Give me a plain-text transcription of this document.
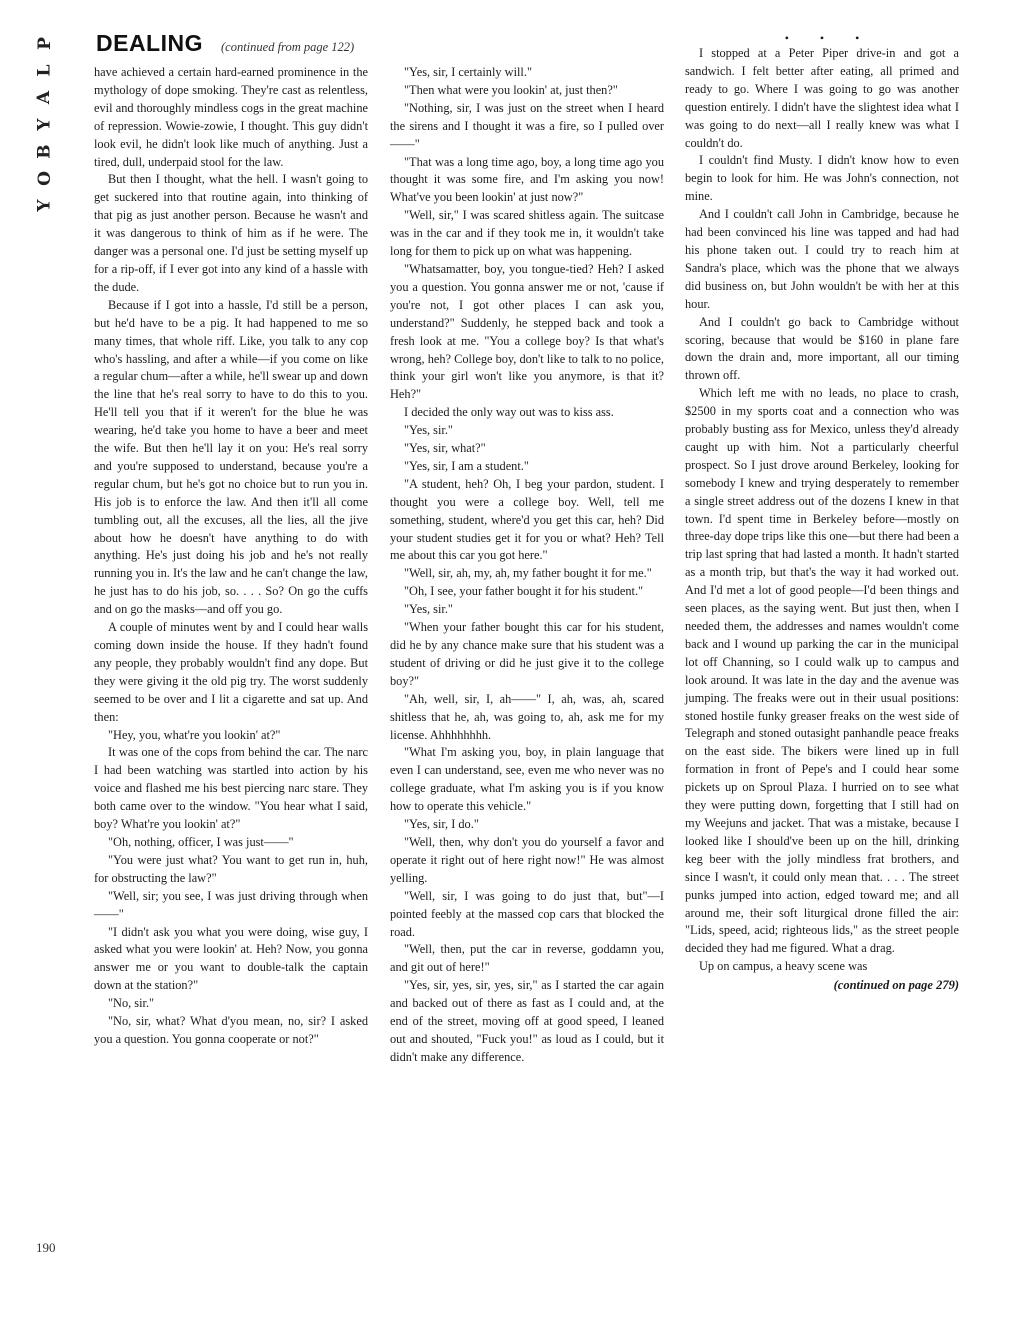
P
L
A
Y
B
O
Y
190
DEALING (continued from page 122)

have achieved a certain hard-earned prominence in the mythology of dope smoking. They're cast as relentless, evil and thoroughly mindless cogs in the great machine of repression. Wowie-zowie, I thought. This guy didn't look evil, he didn't look like much of anything. Just a tired, dull, underpaid stool for the law.

But then I thought, what the hell. I wasn't going to get suckered into that routine again, into thinking of that pig as just another person. Because he wasn't and it was dangerous to think of him as if he were. The danger was a personal one. I'd just be setting myself up for a rip-off, if I ever got into any kind of a hassle with the dude.

Because if I got into a hassle, I'd still be a person, but he'd have to be a pig. It had happened to me so many times, that whole riff. Like, you talk to any cop who's hassling, and after a while—if you come on like a regular chum—after a while, he'll swear up and down the line that he's real sorry to have to do this to you. He'll tell you that if it weren't for the blue he was wearing, he'd take you home to have a beer and meet the wife. But then he'll lay it on you: He's real sorry and you're supposed to understand, because you're a regular chum, but he's got no choice but to run you in. His job is to enforce the law. And then it'll all come tumbling out, all the excuses, all the lies, all the jive about how he doesn't have anything to do with anything. He's just doing his job and he's not really running you in. It's the law and he can't change the law, he just has to do his job, so. . . . So? On go the cuffs and on go the masks—and off you go.

A couple of minutes went by and I could hear walls coming down inside the house. If they hadn't found any people, they probably wouldn't find any dope. But they were giving it the old pig try. The worst suddenly seemed to be over and I lit a cigarette and sat up. And then:

"Hey, you, what're you lookin' at?"

It was one of the cops from behind the car. The narc I had been watching was startled into action by his voice and flashed me his best piercing narc stare. They both came over to the window. "You hear what I said, boy? What're you lookin' at?"

"Oh, nothing, officer, I was just——"

"You were just what? You want to get run in, huh, for obstructing the law?"

"Well, sir; you see, I was just driving through when——"

"I didn't ask you what you were doing, wise guy, I asked what you were lookin' at. Heh? Now, you gonna answer me or you want to double-talk the captain down at the station?"

"No, sir."

"No, sir, what? What d'you mean, no, sir? I asked you a question. You gonna cooperate or not?"

"Yes, sir, I certainly will."

"Then what were you lookin' at, just then?"

"Nothing, sir, I was just on the street when I heard the sirens and I thought it was a fire, so I pulled over——"

"That was a long time ago, boy, a long time ago you thought it was some fire, and I'm asking you now! What've you been lookin' at just now?"

"Well, sir," I was scared shitless again. The suitcase was in the car and if they took me in, it wouldn't take long for them to pick up on what was happening.

"Whatsamatter, boy, you tongue-tied? Heh? I asked you a question. You gonna answer me or not, 'cause if you're not, I got other places I can ask you, understand?" Suddenly, he stepped back and took a fresh look at me. "You a college boy? Is that what's wrong, heh? College boy, don't like to talk to no police, think your girl won't like you anymore, is that it? Heh?"

I decided the only way out was to kiss ass.

"Yes, sir."

"Yes, sir, what?"

"Yes, sir, I am a student."

"A student, heh? Oh, I beg your pardon, student. I thought you were a college boy. Well, tell me something, student, where'd you get this car, heh? Did your student studies get it for you or what? Heh? Tell me about this car you got here."

"Well, sir, ah, my, ah, my father bought it for me."

"Oh, I see, your father bought it for his student."

"Yes, sir."

"When your father bought this car for his student, did he by any chance make sure that his student was a student of driving or did he just give it to the college boy?"

"Ah, well, sir, I, ah——" I, ah, was, ah, scared shitless that he, ah, was going to, ah, ask me for my license. Ahhhhhhhh.

"What I'm asking you, boy, in plain language that even I can understand, see, even me who never was no college graduate, what I'm asking you is if you know how to operate this vehicle."

"Yes, sir, I do."

"Well, then, why don't you do yourself a favor and operate it right out of here right now!" He was almost yelling.

"Well, sir, I was going to do just that, but"—I pointed feebly at the massed cop cars that blocked the road.

"Well, then, put the car in reverse, goddamn you, and git out of here!"

"Yes, sir, yes, sir, yes, sir," as I started the car again and backed out of there as fast as I could and, at the end of the street, moving off at good speed, I leaned out and shouted, "Fuck you!" as loud as I could, but it didn't make any difference.

• • •

I stopped at a Peter Piper drive-in and got a sandwich. I felt better after eating, all primed and ready to go. Where I was going to go was another question entirely. I didn't have the slightest idea what I was going to do next—all I really knew was what I couldn't do.

I couldn't find Musty. I didn't know how to even begin to look for him. He was John's connection, not mine.

And I couldn't call John in Cambridge, because he had been convinced his line was tapped and had had his phone taken out. I could try to reach him at Sandra's place, which was the phone that we always did business on, but John wouldn't be with her at this hour.

And I couldn't go back to Cambridge without scoring, because that would be $160 in plane fare down the drain and, more important, all our timing thrown off.

Which left me with no leads, no place to crash, $2500 in my sports coat and a connection who was probably busting ass for Mexico, unless they'd already caught up with him. Not a particularly cheerful prospect. So I just drove around Berkeley, looking for somebody I knew and trying desperately to remember a single street address out of the dozens I knew in that town. I'd spent time in Berkeley before—mostly on three-day dope trips like this one—but there had been a trip last spring that had lasted a month. It hadn't started as a month trip, but that's the way it had worked out. And I'd met a lot of good people—I'd been things and seen places, as the saying went. But just then, when I needed them, the addresses and names wouldn't come back and I wound up parking the car in the municipal lot off Channing, so I could walk up to campus and look around. It was late in the day and the avenue was jumping. The freaks were out in their usual positions: stoned hostile funky greaser freaks on the west side of Telegraph and stoned outasight panhandle peace freaks on the east side. The bikers were lined up in full formation in front of Pepe's and I could hear some pickets up on Sproul Plaza. I hurried on to see what they were putting down, forgetting that I still had on my Weejuns and jacket. That was a mistake, because I looked like I should've been up on the hill, drinking keg beer with the jolly mindless frat brothers, and since I wasn't, it could only mean that. . . . The street punks jumped into action, edged toward me; and all around me, their soft liturgical drone filled the air: "Lids, speed, acid; righteous lids," as the street people decided they had me figured. What a drag.

Up on campus, a heavy scene was

(continued on page 279)
